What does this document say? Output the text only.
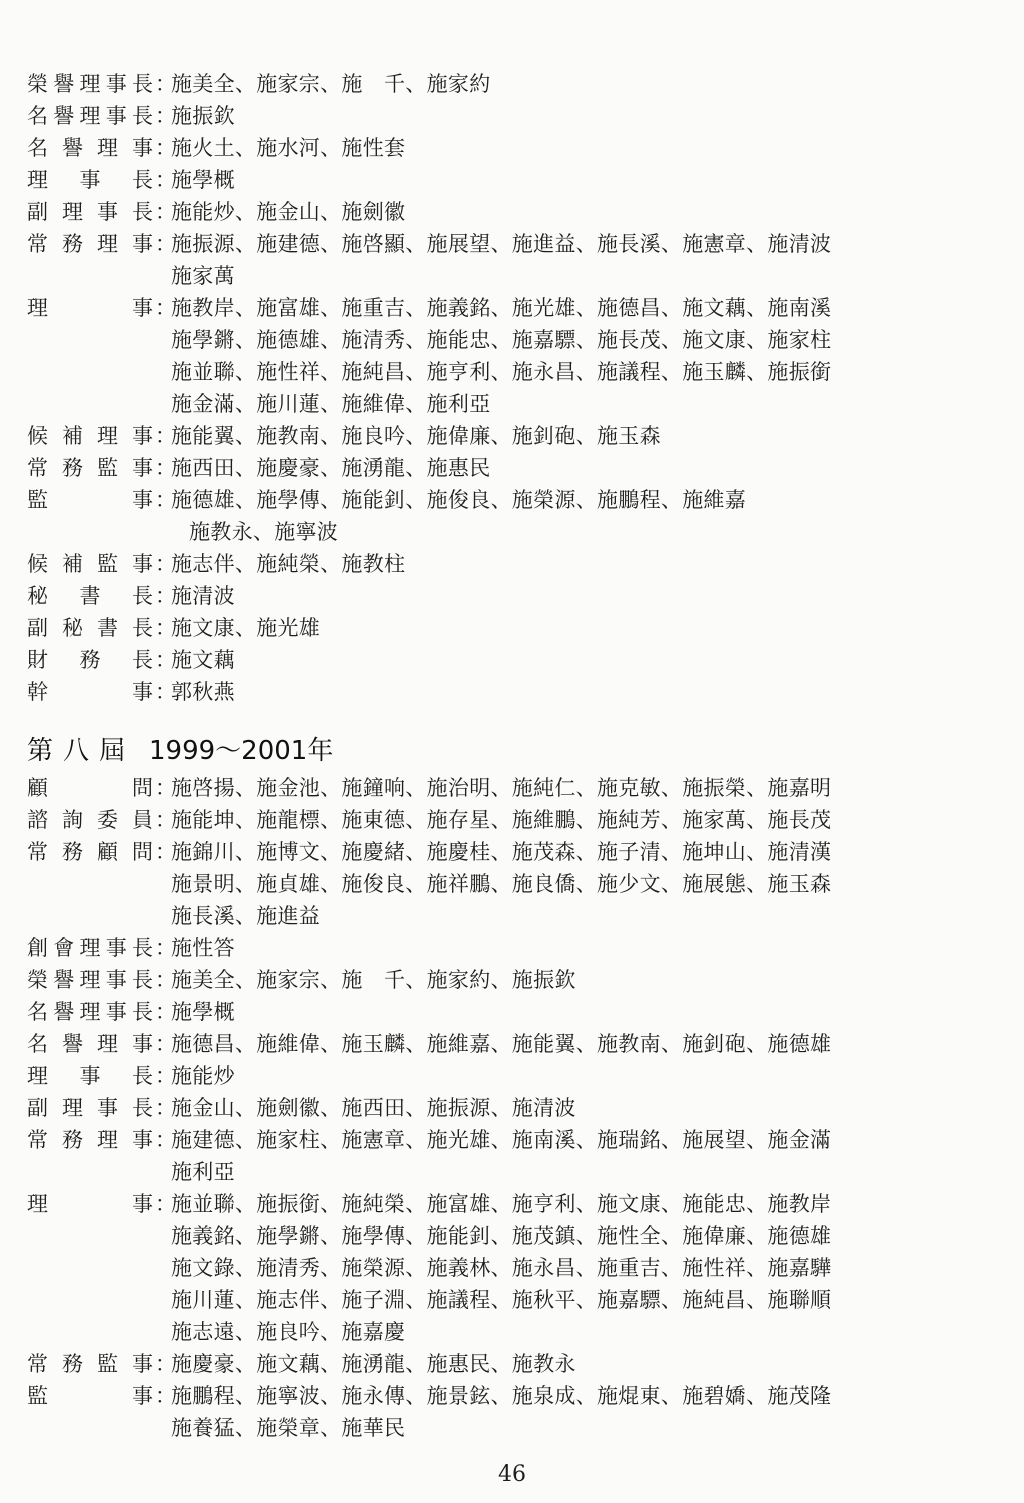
榮 譽 理 事 長 ：
施美全、施家宗、施　千、施家約
名 譽 理 事 長 ：
施振欽
名 譽 理 事 ：
施火土、施水河、施性套
理 事 長 ：
施學概
副 理 事 長 ：
施能炒、施金山、施劍徽
常 務 理 事 ：
施振源、施建德、施啓顯、施展望、施進益、施長溪、施憲章、施清波
施家萬
理	事 ：
施教岸、施富雄、施重吉、施義銘、施光雄、施德昌、施文藕、施南溪
施學鏘、施德雄、施清秀、施能忠、施嘉驃、施長茂、施文康、施家柱
施並聯、施性祥、施純昌、施亨利、施永昌、施議程、施玉麟、施振銜
施金滿、施川蓮、施維偉、施利亞
候 補 理 事 ：
施能翼、施教南、施良吟、施偉廉、施釗砲、施玉森
常 務 監 事 ：
施西田、施慶豪、施湧龍、施惠民
監	事 ：
施德雄、施學傳、施能釗、施俊良、施榮源、施鵬程、施維嘉
施教永、施寧波
候 補 監 事 ：
施志伴、施純榮、施教柱
秘 書 長 ：
施清波
副 秘 書 長 ：
施文康、施光雄
財 務 長 ：
施文藕
幹	事 ：
郭秋燕
第八屆 1999～2001年
顧	問 ：
施啓揚、施金池、施鐘响、施治明、施純仁、施克敏、施振榮、施嘉明
諮 詢 委 員 ：
施能坤、施龍標、施東德、施存星、施維鵬、施純芳、施家萬、施長茂
常 務 顧 問 ：
施錦川、施博文、施慶緒、施慶桂、施茂森、施子清、施坤山、施清漢
施景明、施貞雄、施俊良、施祥鵬、施良僑、施少文、施展態、施玉森
施長溪、施進益
創 會 理 事 長 ：
施性答
榮 譽 理 事 長 ：
施美全、施家宗、施　千、施家約、施振欽
名 譽 理 事 長 ：
施學概
名 譽 理 事 ：
施德昌、施維偉、施玉麟、施維嘉、施能翼、施教南、施釗砲、施德雄
理 事 長 ：
施能炒
副 理 事 長 ：
施金山、施劍徽、施西田、施振源、施清波
常 務 理 事 ：
施建德、施家柱、施憲章、施光雄、施南溪、施瑞銘、施展望、施金滿
施利亞
理	事 ：
施並聯、施振銜、施純榮、施富雄、施亨利、施文康、施能忠、施教岸
施義銘、施學鏘、施學傳、施能釗、施茂鎮、施性全、施偉廉、施德雄
施文錄、施清秀、施榮源、施義林、施永昌、施重吉、施性祥、施嘉驊
施川蓮、施志伴、施子淵、施議程、施秋平、施嘉驃、施純昌、施聯順
施志遠、施良吟、施嘉慶
常 務 監 事 ：
施慶豪、施文藕、施湧龍、施惠民、施教永
監	事 ：
施鵬程、施寧波、施永傳、施景鉉、施泉成、施焜東、施碧嬌、施茂隆
施養猛、施榮章、施華民
46
